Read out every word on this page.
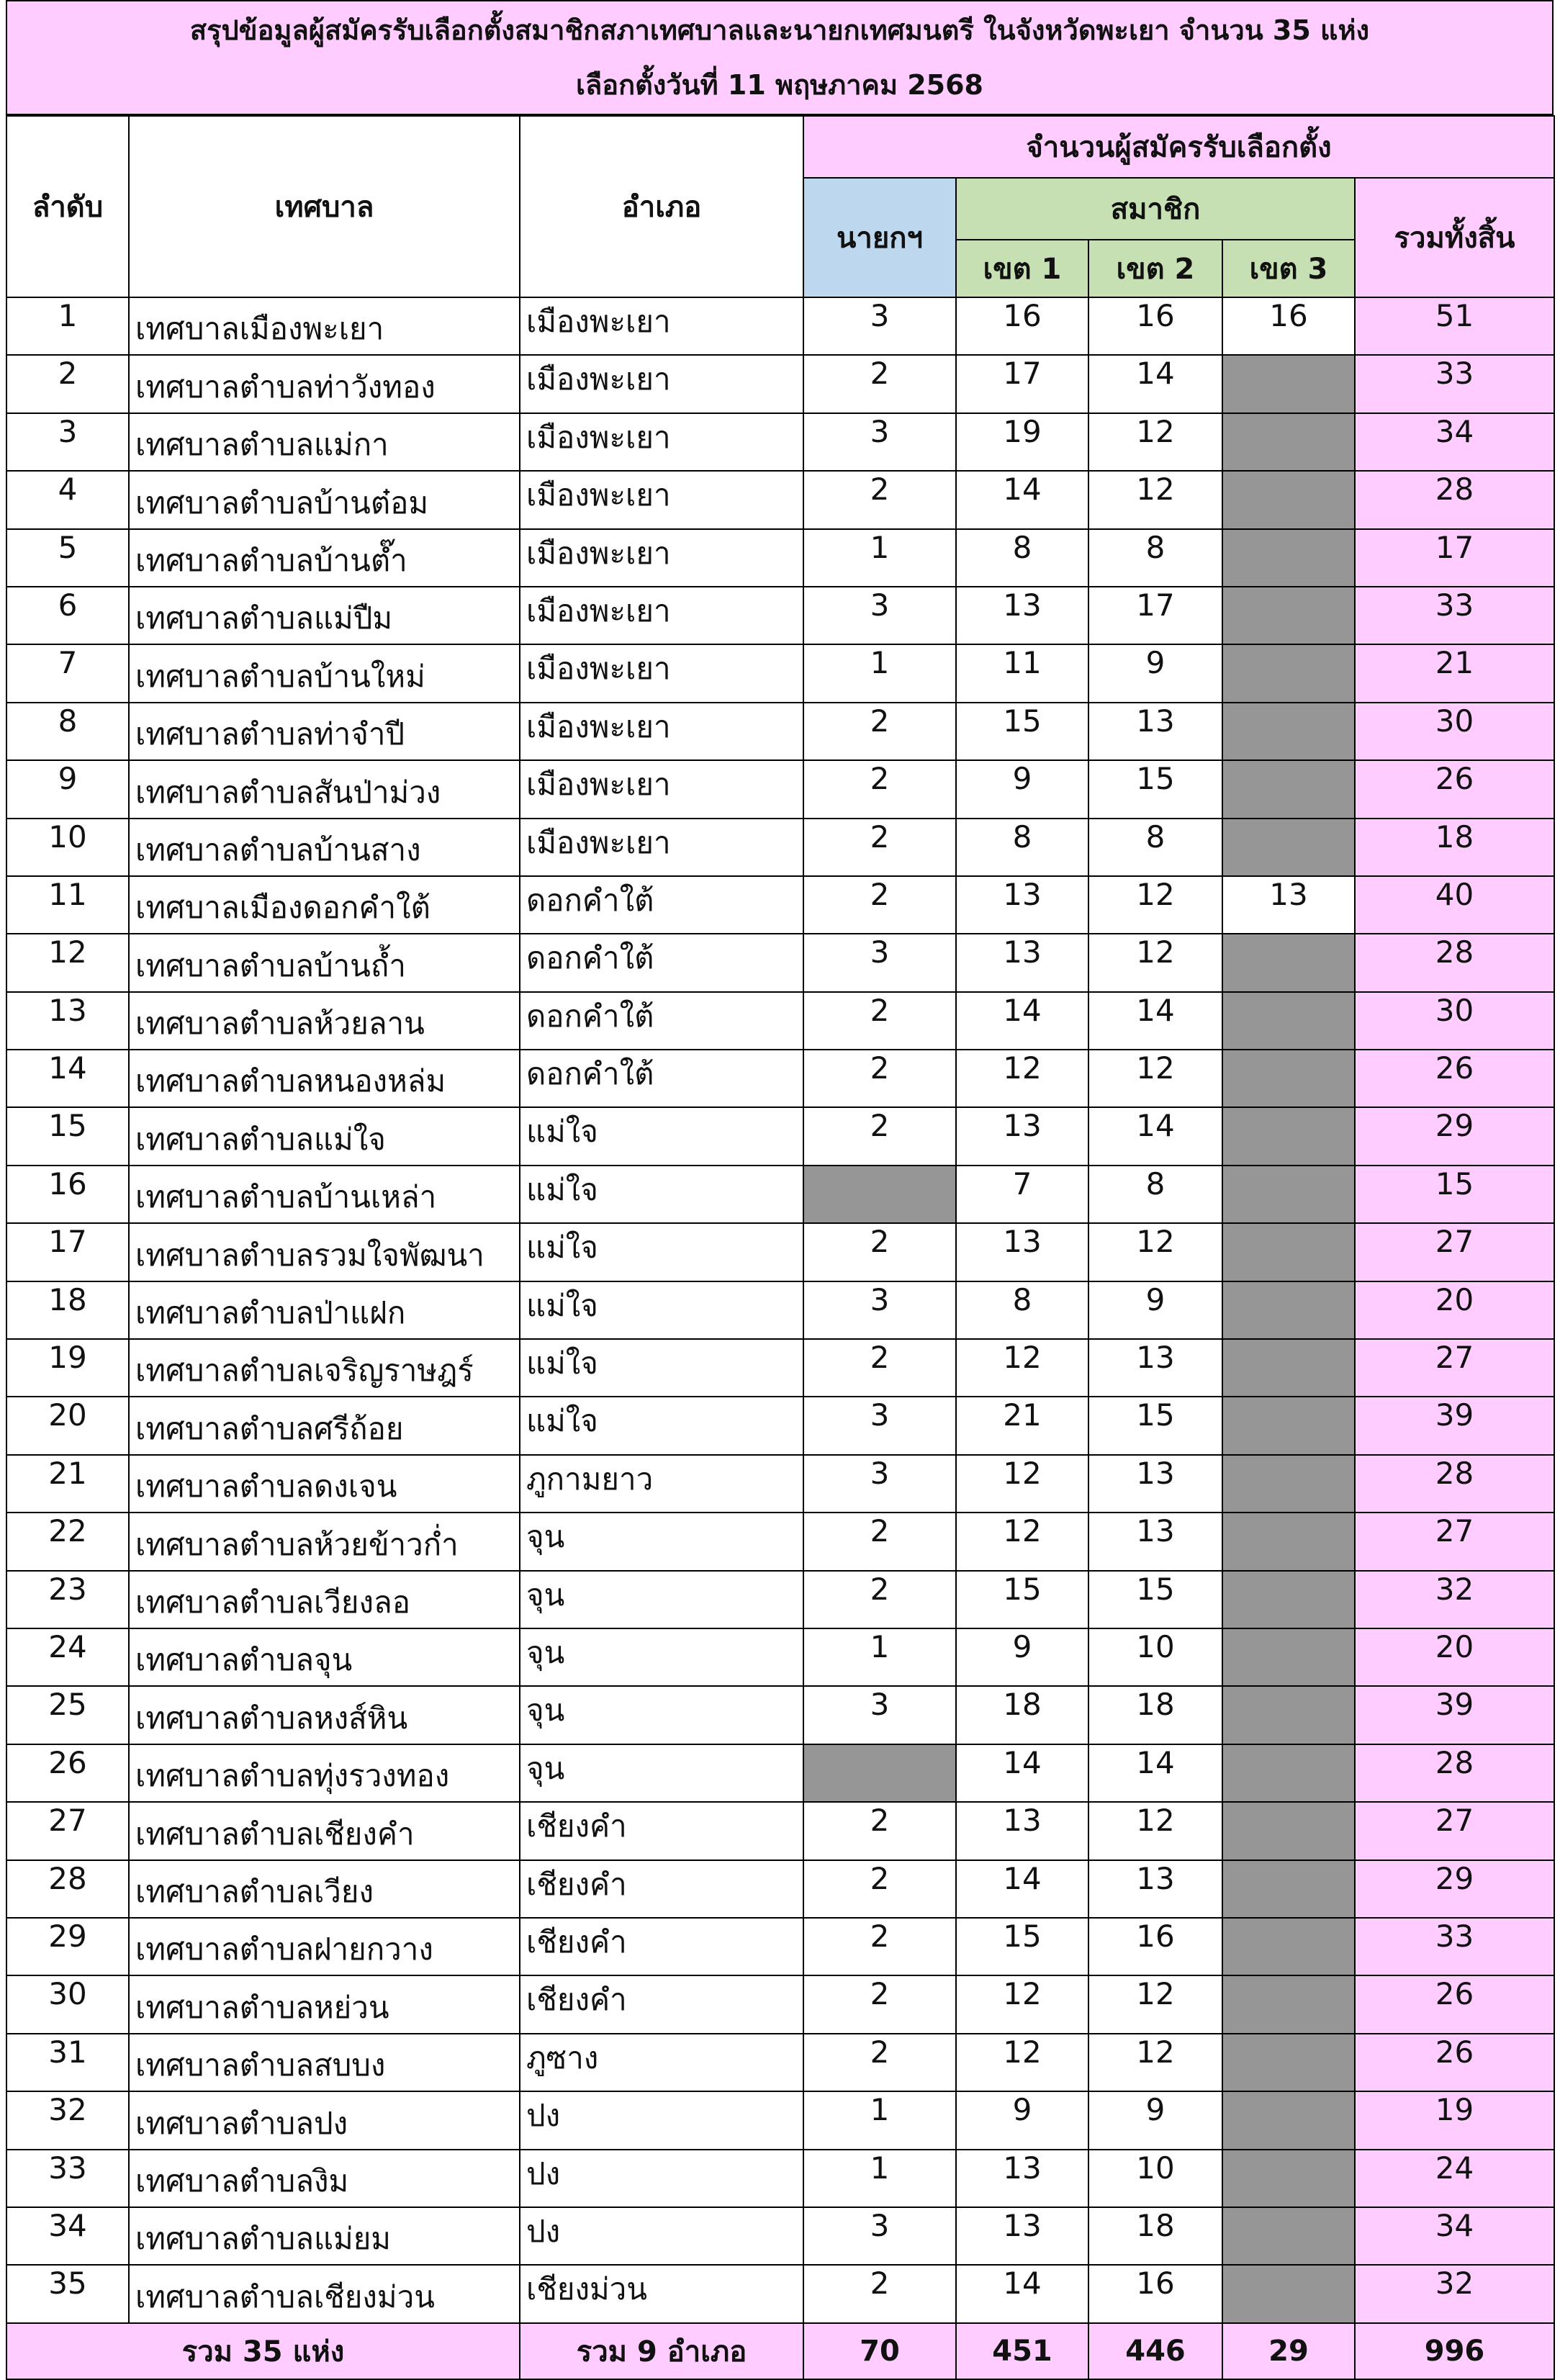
สรุปข้อมูลผู้สมัครรับเลือกตั้งสมาชิกสภาเทศบาลและนายกเทศมนตรี ในจังหวัดพะเยา จำนวน 35 แห่ง
เลือกตั้งวันที่ 11 พฤษภาคม 2568
ลำดับ	เทศบาล	อำเภอ	จำนวนผู้สมัครรับเลือกตั้ง				
			นายกฯ	สมาชิก			รวมทั้งสิ้น
				เขต 1	เขต 2	เขต 3	
1	เทศบาลเมืองพะเยา	เมืองพะเยา	3	16	16	16	51
2	เทศบาลตำบลท่าวังทอง	เมืองพะเยา	2	17	14		33
3	เทศบาลตำบลแม่กา	เมืองพะเยา	3	19	12		34
4	เทศบาลตำบลบ้านต๋อม	เมืองพะเยา	2	14	12		28
5	เทศบาลตำบลบ้านต๊ำ	เมืองพะเยา	1	8	8		17
6	เทศบาลตำบลแม่ปืม	เมืองพะเยา	3	13	17		33
7	เทศบาลตำบลบ้านใหม่	เมืองพะเยา	1	11	9		21
8	เทศบาลตำบลท่าจำปี	เมืองพะเยา	2	15	13		30
9	เทศบาลตำบลสันป่าม่วง	เมืองพะเยา	2	9	15		26
10	เทศบาลตำบลบ้านสาง	เมืองพะเยา	2	8	8		18
11	เทศบาลเมืองดอกคำใต้	ดอกคำใต้	2	13	12	13	40
12	เทศบาลตำบลบ้านถ้ำ	ดอกคำใต้	3	13	12		28
13	เทศบาลตำบลห้วยลาน	ดอกคำใต้	2	14	14		30
14	เทศบาลตำบลหนองหล่ม	ดอกคำใต้	2	12	12		26
15	เทศบาลตำบลแม่ใจ	แม่ใจ	2	13	14		29
16	เทศบาลตำบลบ้านเหล่า	แม่ใจ		7	8		15
17	เทศบาลตำบลรวมใจพัฒนา	แม่ใจ	2	13	12		27
18	เทศบาลตำบลป่าแฝก	แม่ใจ	3	8	9		20
19	เทศบาลตำบลเจริญราษฎร์	แม่ใจ	2	12	13		27
20	เทศบาลตำบลศรีถ้อย	แม่ใจ	3	21	15		39
21	เทศบาลตำบลดงเจน	ภูกามยาว	3	12	13		28
22	เทศบาลตำบลห้วยข้าวก่ำ	จุน	2	12	13		27
23	เทศบาลตำบลเวียงลอ	จุน	2	15	15		32
24	เทศบาลตำบลจุน	จุน	1	9	10		20
25	เทศบาลตำบลหงส์หิน	จุน	3	18	18		39
26	เทศบาลตำบลทุ่งรวงทอง	จุน		14	14		28
27	เทศบาลตำบลเชียงคำ	เชียงคำ	2	13	12		27
28	เทศบาลตำบลเวียง	เชียงคำ	2	14	13		29
29	เทศบาลตำบลฝายกวาง	เชียงคำ	2	15	16		33
30	เทศบาลตำบลหย่วน	เชียงคำ	2	12	12		26
31	เทศบาลตำบลสบบง	ภูซาง	2	12	12		26
32	เทศบาลตำบลปง	ปง	1	9	9		19
33	เทศบาลตำบลงิม	ปง	1	13	10		24
34	เทศบาลตำบลแม่ยม	ปง	3	13	18		34
35	เทศบาลตำบลเชียงม่วน	เชียงม่วน	2	14	16		32
รวม 35 แห่ง		รวม 9 อำเภอ	70	451	446	29	996
